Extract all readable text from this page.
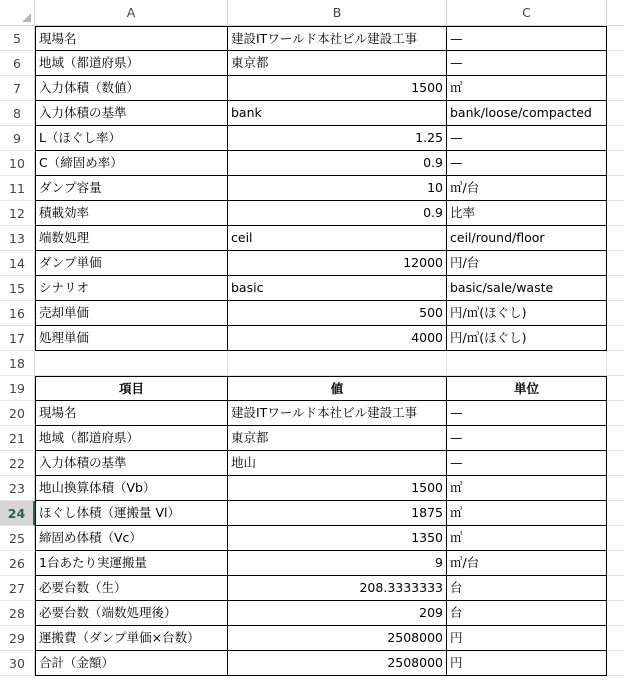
A	B	C
5	現場名	建設ITワールド本社ビル建設工事	—
6	地域（都道府県）	東京都	—
7	入力体積（数値）	1500 ㎥
8	入力体積の基準	bank	bank/loose/compacted
9	L（ほぐし率）	1.25 —
10	C（締固め率）	0.9 —
11	ダンプ容量	10 ㎥/台
12	積載効率	0.9 比率
13	端数処理	ceil	ceil/round/floor
14	ダンプ単価	12000 円/台
15	シナリオ	basic	basic/sale/waste
16	売却単価	500 円/㎥(ほぐし)
17	処理単価	4000 円/㎥(ほぐし)
18
19	項目	値	単位
20	現場名	建設ITワールド本社ビル建設工事	—
21	地域（都道府県）	東京都	—
22	入力体積の基準	地山	—
23	地山換算体積（Vb）	1500 ㎥
24	ほぐし体積（運搬量 Vl）	1875 ㎥
25	締固め体積（Vc）	1350 ㎥
26	1台あたり実運搬量	9 ㎥/台
27	必要台数（生）	208.3333333 台
28	必要台数（端数処理後）	209 台
29	運搬費（ダンプ単価×台数）	2508000 円
30	合計（金額）	2508000 円
